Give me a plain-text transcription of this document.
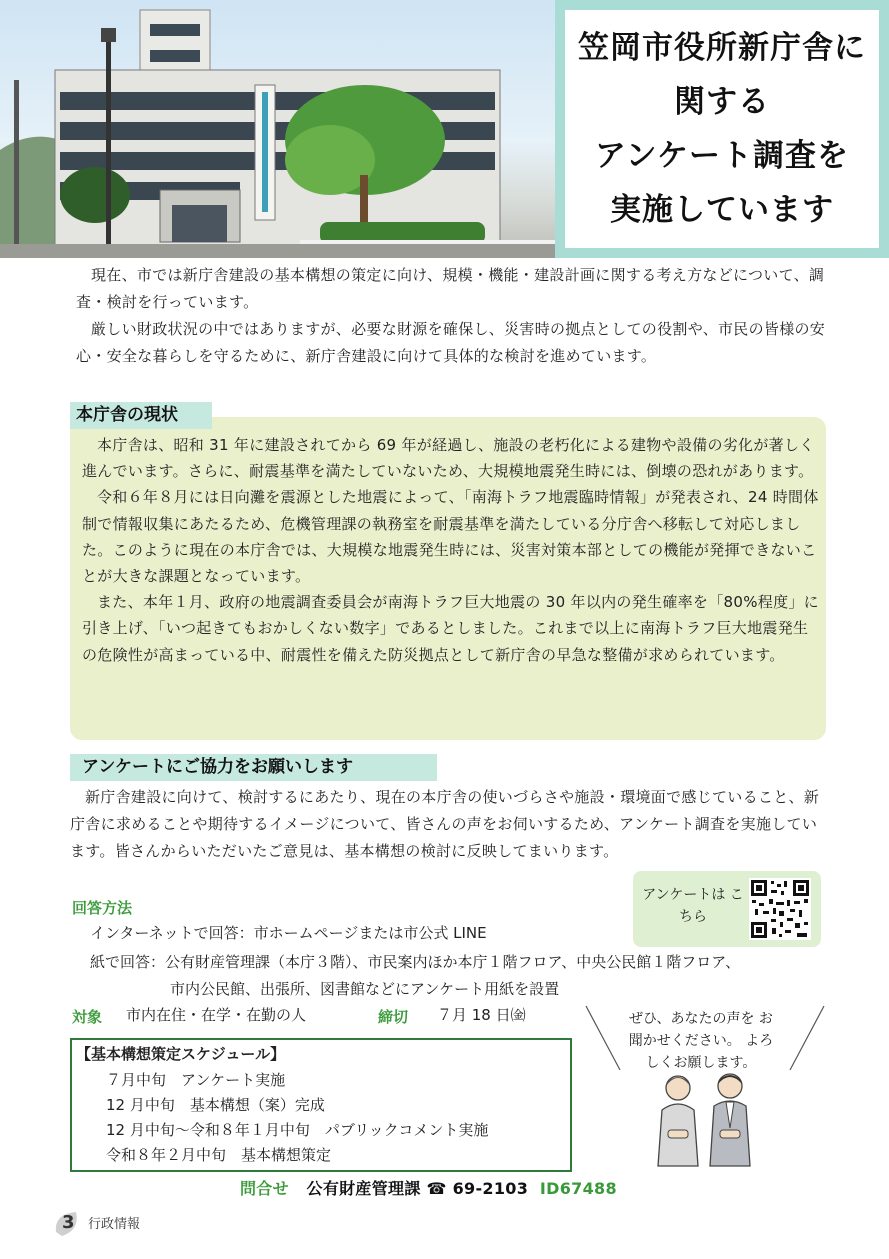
笠岡市役所新庁舎に
関する
アンケート調査を
実施しています

現在、市では新庁舎建設の基本構想の策定に向け、規模・機能・建設計画に関する考え方などについて、調査・検討を行っています。

厳しい財政状況の中ではありますが、必要な財源を確保し、災害時の拠点としての役割や、市民の皆様の安心・安全な暮らしを守るために、新庁舎建設に向けて具体的な検討を進めています。

本庁舎の現状

本庁舎は、昭和 31 年に建設されてから 69 年が経過し、施設の老朽化による建物や設備の劣化が著しく進んでいます。さらに、耐震基準を満たしていないため、大規模地震発生時には、倒壊の恐れがあります。

令和６年８月には日向灘を震源とした地震によって、「南海トラフ地震臨時情報」が発表され、24 時間体制で情報収集にあたるため、危機管理課の執務室を耐震基準を満たしている分庁舎へ移転して対応しました。このように現在の本庁舎では、大規模な地震発生時には、災害対策本部としての機能が発揮できないことが大きな課題となっています。

また、本年１月、政府の地震調査委員会が南海トラフ巨大地震の 30 年以内の発生確率を「80%程度」に引き上げ、「いつ起きてもおかしくない数字」であるとしました。これまで以上に南海トラフ巨大地震発生の危険性が高まっている中、耐震性を備えた防災拠点として新庁舎の早急な整備が求められています。

アンケートにご協力をお願いします

新庁舎建設に向けて、検討するにあたり、現在の本庁舎の使いづらさや施設・環境面で感じていること、新庁舎に求めることや期待するイメージについて、皆さんの声をお伺いするため、アンケート調査を実施しています。皆さんからいただいたご意見は、基本構想の検討に反映してまいります。

回答方法
インターネットで回答：市ホームページまたは市公式 LINE
紙で回答：公有財産管理課（本庁３階）、市民案内ほか本庁１階フロア、中央公民館１階フロア、
市内公民館、出張所、図書館などにアンケート用紙を設置
対象 市内在住・在学・在勤の人	締切 ７月 18 日㈮
アンケートは こちら
【基本構想策定スケジュール】
７月中旬　アンケート実施
12 月中旬　基本構想（案）完成
12 月中旬～令和８年１月中旬　パブリックコメント実施
令和８年２月中旬　基本構想策定
ぜひ、あなたの声を お聞かせください。 よろしくお願します。
問合せ 公有財産管理課 ☎ 69-2103 ID67488
3 行政情報
